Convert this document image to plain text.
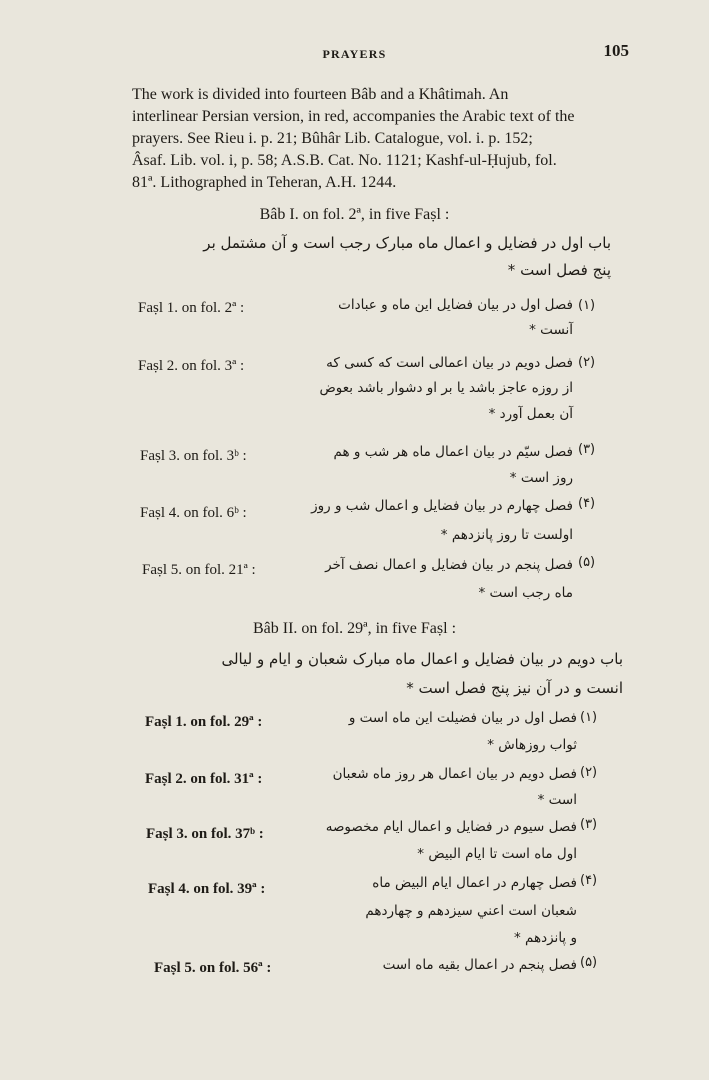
PRAYERS	105
The work is divided into fourteen Bâb and a Khâtimah. An
interlinear Persian version, in red, accompanies the Arabic text of the
prayers. See Rieu i. p. 21; Bûhâr Lib. Catalogue, vol. i. p. 152;
Âsaf. Lib. vol. i, p. 58; A.S.B. Cat. No. 1121; Kashf-ul-Ḥujub, fol.
81ª. Lithographed in Teheran, A.H. 1244.
Bâb I. on fol. 2ª, in five Faṣl :
باب اول در فضایل و اعمال ماه مبارک رجب است و آن مشتمل بر
پنج فصل است *
Faṣl 1. on fol. 2ª :	(۱)
فصل اول در بیان فضایل این ماه و عبادات
آنست *
Faṣl 2. on fol. 3ª :	(۲)
فصل دویم در بیان اعمالی است که کسی که
از روزه عاجز باشد یا بر او دشوار باشد بعوض
آن بعمل آورد *
Faṣl 3. on fol. 3ᵇ :	(۳)
فصل سیّم در بیان اعمال ماه هر شب و هم
روز است *
Faṣl 4. on fol. 6ᵇ :
(۴)
فصل چهارم در بیان فضایل و اعمال شب و روز
اولست تا روز پانزدهم *
Faṣl 5. on fol. 21ª :	(۵)
فصل پنجم در بیان فضایل و اعمال نصف آخر
ماه رجب است *
Bâb II. on fol. 29ª, in five Faṣl :
باب دویم در بیان فضایل و اعمال ماه مبارک شعبان و ایام و لیالی
انست و در آن نیز پنج فصل است *
Faṣl 1. on fol. 29ª :	(۱)
فصل اول در بیان فضیلت این ماه است و
ثواب روزهاش *
Faṣl 2. on fol. 31ª :	(۲)
فصل دویم در بیان اعمال هر روز ماه شعبان
است *
Faṣl 3. on fol. 37ᵇ :
(۳)
فصل سیوم در فضایل و اعمال ایام مخصوصه
اول ماه است تا ایام البیض *
Faṣl 4. on fol. 39ª :
(۴)
فصل چهارم در اعمال ایام البیض ماه
شعبان است اعني سیزدهم و چهاردهم
و پانزدهم *
Faṣl 5. on fol. 56ª :	(۵)
فصل پنجم در اعمال بقیه ماه است
